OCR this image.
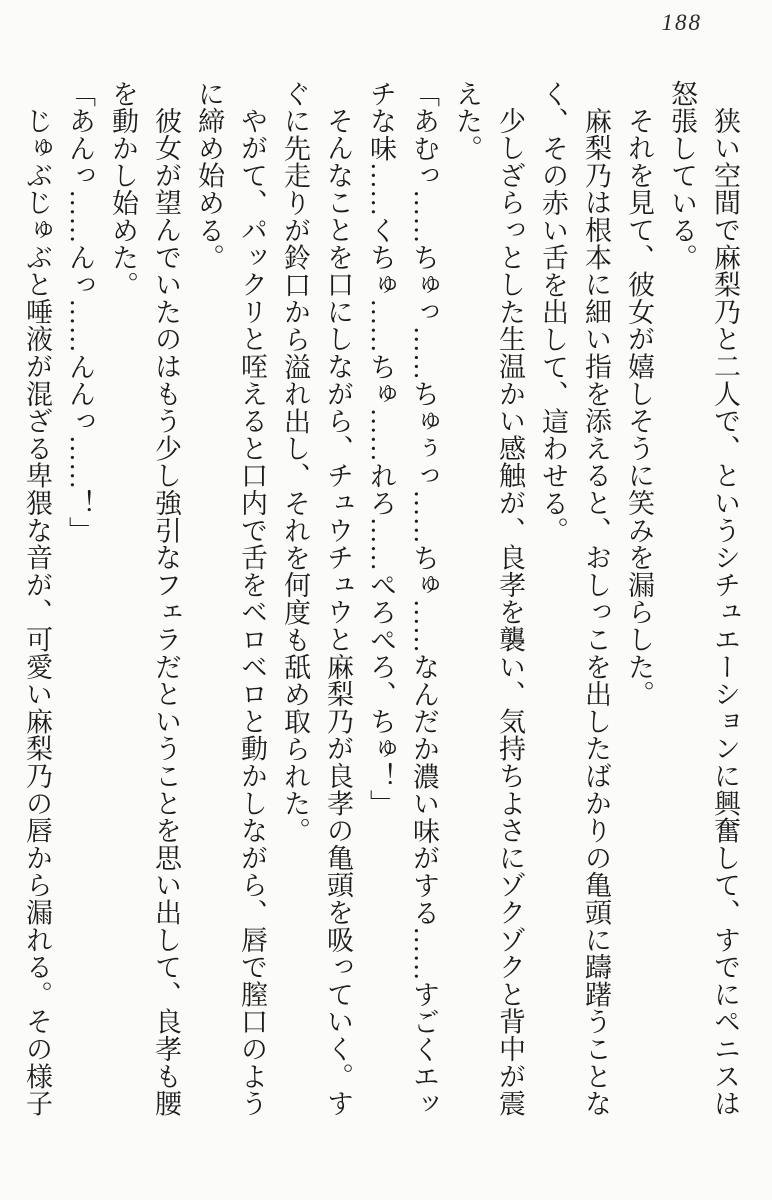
188

狭い空間で麻梨乃と二人で、というシチュエーションに興奮して、すでにペニスは怒張している。

それを見て、彼女が嬉しそうに笑みを漏らした。

麻梨乃は根本に細い指を添えると、おしっこを出したばかりの亀頭に躊躇うことなく、その赤い舌を出して、這わせる。

少しざらっとした生温かい感触が、良孝を襲い、気持ちよさにゾクゾクと背中が震えた。

「あむっ……ちゅっ……ちゅぅっ……ちゅ……なんだか濃い味がする……すごくエッチな味……くちゅ……ちゅ……れろ……ぺろぺろ、ちゅ！」

そんなことを口にしながら、チュウチュウと麻梨乃が良孝の亀頭を吸っていく。すぐに先走りが鈴口から溢れ出し、それを何度も舐め取られた。

やがて、パックリと咥えると口内で舌をベロベロと動かしながら、唇で膣口のように締め始める。

彼女が望んでいたのはもう少し強引なフェラだということを思い出して、良孝も腰を動かし始めた。

「あんっ……んっ……んんっ……！」

じゅぶじゅぶと唾液が混ざる卑猥な音が、可愛い麻梨乃の唇から漏れる。その様子
